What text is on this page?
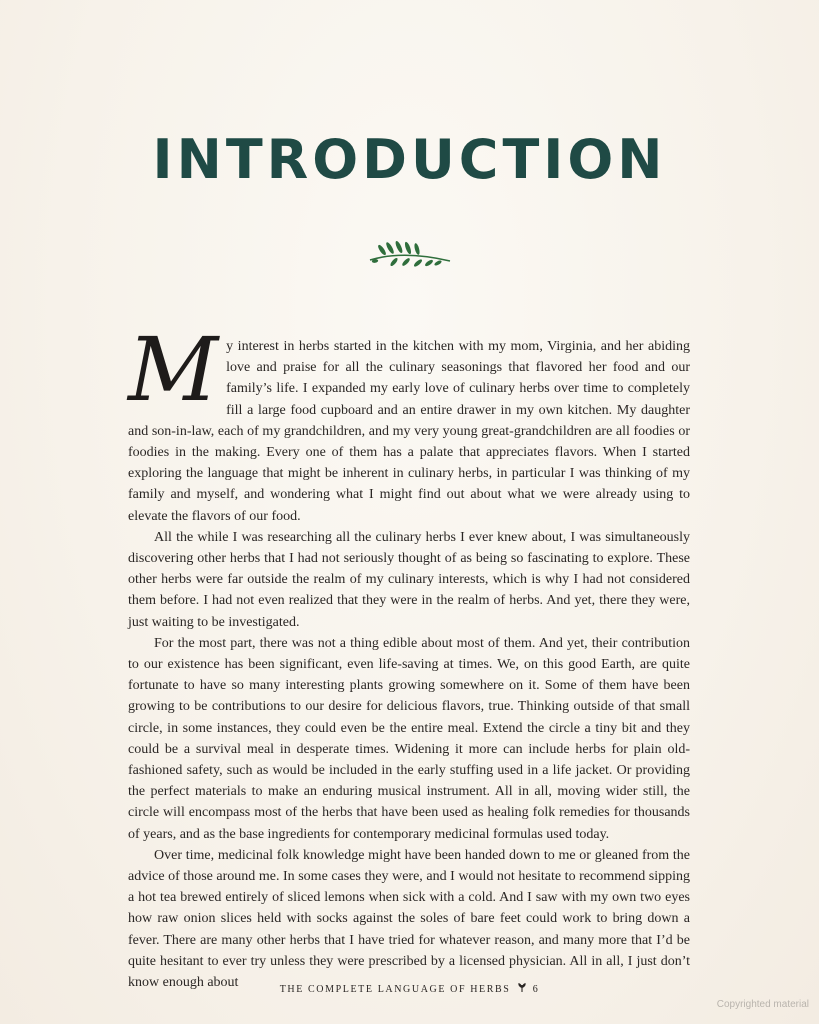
INTRODUCTION

My interest in herbs started in the kitchen with my mom, Virginia, and her abiding love and praise for all the culinary seasonings that flavored her food and our family’s life. I expanded my early love of culinary herbs over time to completely fill a large food cupboard and an entire drawer in my own kitchen. My daughter and son-in-law, each of my grandchildren, and my very young great-grandchildren are all foodies or foodies in the making. Every one of them has a palate that appreciates flavors. When I started exploring the language that might be inherent in culinary herbs, in particular I was thinking of my family and myself, and wondering what I might find out about what we were already using to elevate the flavors of our food.

All the while I was researching all the culinary herbs I ever knew about, I was simultaneously discovering other herbs that I had not seriously thought of as being so fascinating to explore. These other herbs were far outside the realm of my culinary interests, which is why I had not considered them before. I had not even realized that they were in the realm of herbs. And yet, there they were, just waiting to be investigated.

For the most part, there was not a thing edible about most of them. And yet, their contribution to our existence has been significant, even life-saving at times. We, on this good Earth, are quite fortunate to have so many interesting plants growing somewhere on it. Some of them have been growing to be contributions to our desire for delicious flavors, true. Thinking outside of that small circle, in some instances, they could even be the entire meal. Extend the circle a tiny bit and they could be a survival meal in desperate times. Widening it more can include herbs for plain old-fashioned safety, such as would be included in the early stuffing used in a life jacket. Or providing the perfect materials to make an enduring musical instrument. All in all, moving wider still, the circle will encompass most of the herbs that have been used as healing folk remedies for thousands of years, and as the base ingredients for contemporary medicinal formulas used today.

Over time, medicinal folk knowledge might have been handed down to me or gleaned from the advice of those around me. In some cases they were, and I would not hesitate to recommend sipping a hot tea brewed entirely of sliced lemons when sick with a cold. And I saw with my own two eyes how raw onion slices held with socks against the soles of bare feet could work to bring down a fever. There are many other herbs that I have tried for whatever reason, and many more that I’d be quite hesitant to ever try unless they were prescribed by a licensed physician. All in all, I just don’t know enough about	THE COMPLETE LANGUAGE OF HERBS 6
Copyrighted material
